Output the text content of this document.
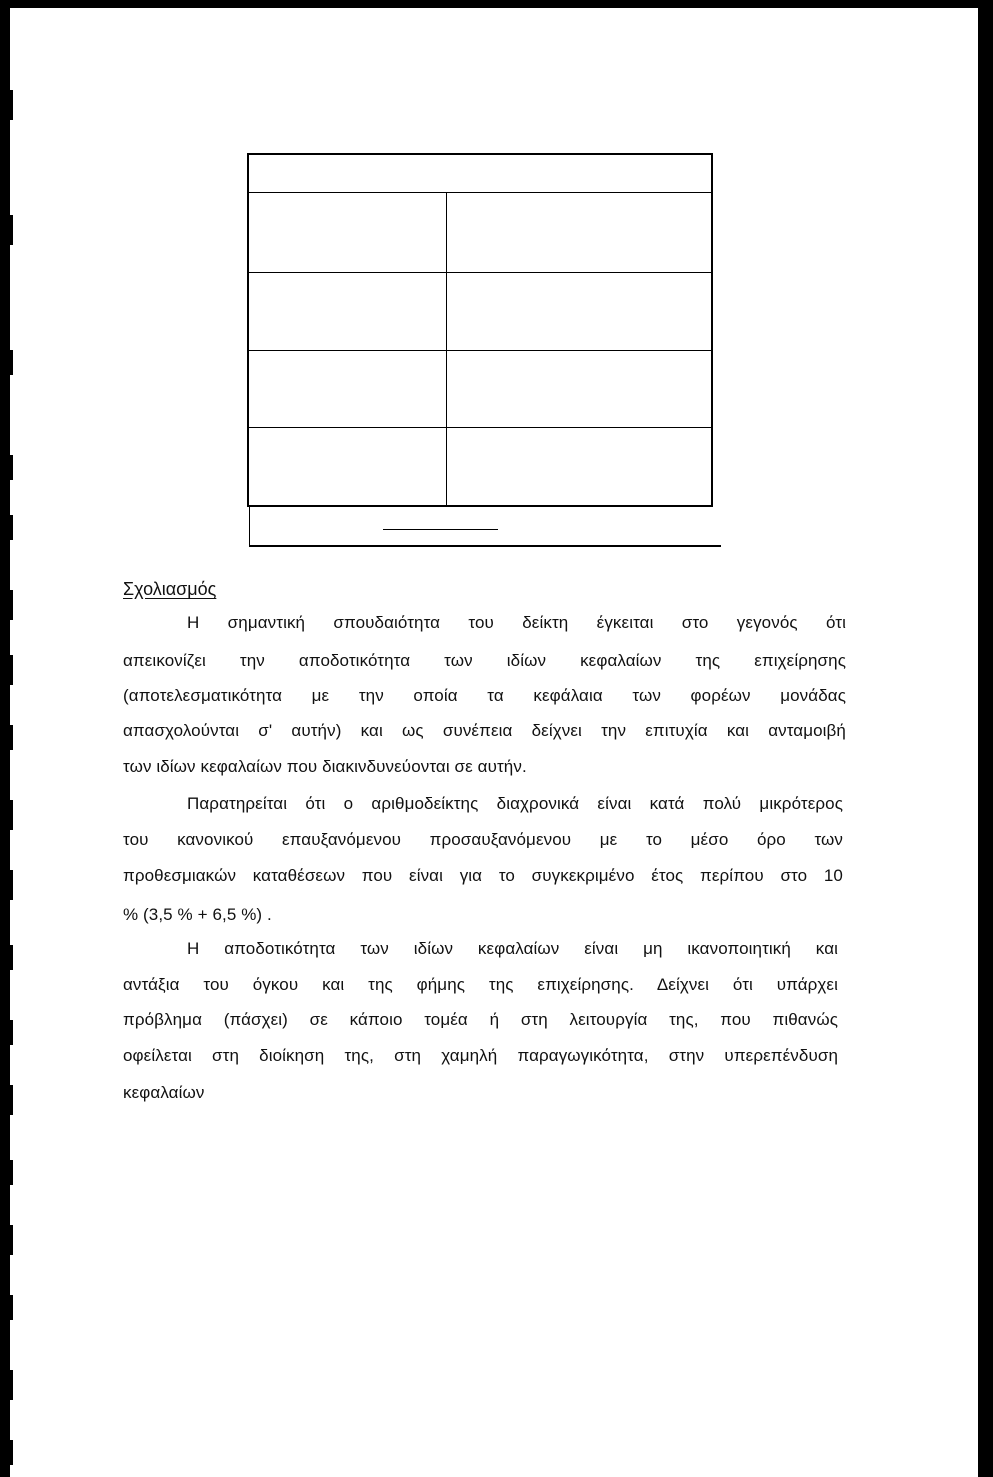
Σχολιασμός
Η σημαντική σπουδαιότητα του δείκτη έγκειται στο γεγονός ότι
απεικονίζει την αποδοτικότητα των ιδίων κεφαλαίων της επιχείρησης
(αποτελεσματικότητα με την οποία τα κεφάλαια των φορέων μονάδας
απασχολούνται σ' αυτήν) και ως συνέπεια δείχνει την επιτυχία και ανταμοιβή
των ιδίων κεφαλαίων που διακινδυνεύονται σε αυτήν.
Παρατηρείται ότι ο αριθμοδείκτης διαχρονικά είναι κατά πολύ μικρότερος
του κανονικού επαυξανόμενου προσαυξανόμενου με το μέσο όρο των
προθεσμιακών καταθέσεων που είναι για το συγκεκριμένο έτος περίπου στο 10
% (3,5 % + 6,5 %) .
Η αποδοτικότητα των ιδίων κεφαλαίων είναι μη ικανοποιητική και
αντάξια του όγκου και της φήμης της επιχείρησης. Δείχνει ότι υπάρχει
πρόβλημα (πάσχει) σε κάποιο τομέα ή στη λειτουργία της, που πιθανώς
οφείλεται στη διοίκηση της, στη χαμηλή παραγωγικότητα, στην υπερεπένδυση
κεφαλαίων
